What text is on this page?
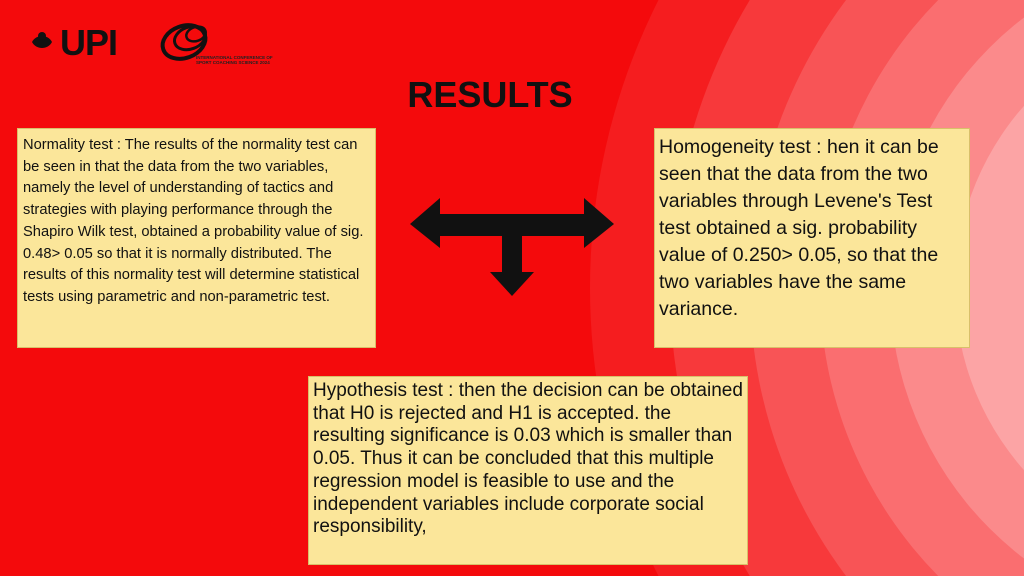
UPI	INTERNATIONAL CONFERENCE OF SPORT COACHING SCIENCE 2024
RESULTS
Normality test : The results of the normality test can be seen in that the data from the two variables, namely the level of understanding of tactics and strategies with playing performance through the Shapiro Wilk test, obtained a probability value of sig. 0.48> 0.05 so that it is normally distributed. The results of this normality test will determine statistical tests using parametric and non-parametric test.
Homogeneity test : hen it can be seen that the data from the two variables through Levene's Test test obtained a sig. probability value of 0.250> 0.05, so that the two variables have the same variance.
Hypothesis test : then the decision can be obtained that H0 is rejected and H1 is accepted. the resulting significance is 0.03 which is smaller than 0.05. Thus it can be concluded that this multiple regression model is feasible to use and the independent variables include corporate social responsibility,
